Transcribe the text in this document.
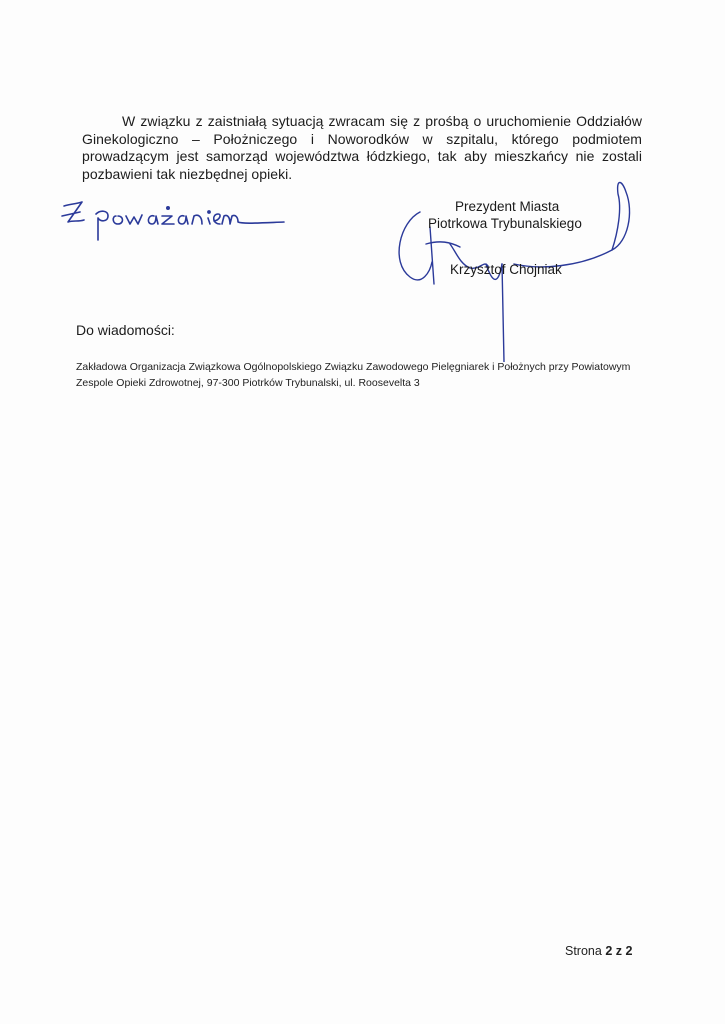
W związku z zaistniałą sytuacją zwracam się z prośbą o uruchomienie Oddziałów Ginekologiczno – Położniczego i Noworodków w szpitalu, którego podmiotem prowadzącym jest samorząd województwa łódzkiego, tak aby mieszkańcy nie zostali pozbawieni tak niezbędnej opieki.

Prezydent Miasta
Piotrkowa Trybunalskiego
Krzysztof Chojniak
Do wiadomości:
Zakładowa Organizacja Związkowa Ogólnopolskiego Związku Zawodowego Pielęgniarek i Położnych przy Powiatowym Zespole Opieki Zdrowotnej, 97-300 Piotrków Trybunalski, ul. Roosevelta 3
Strona 2 z 2
